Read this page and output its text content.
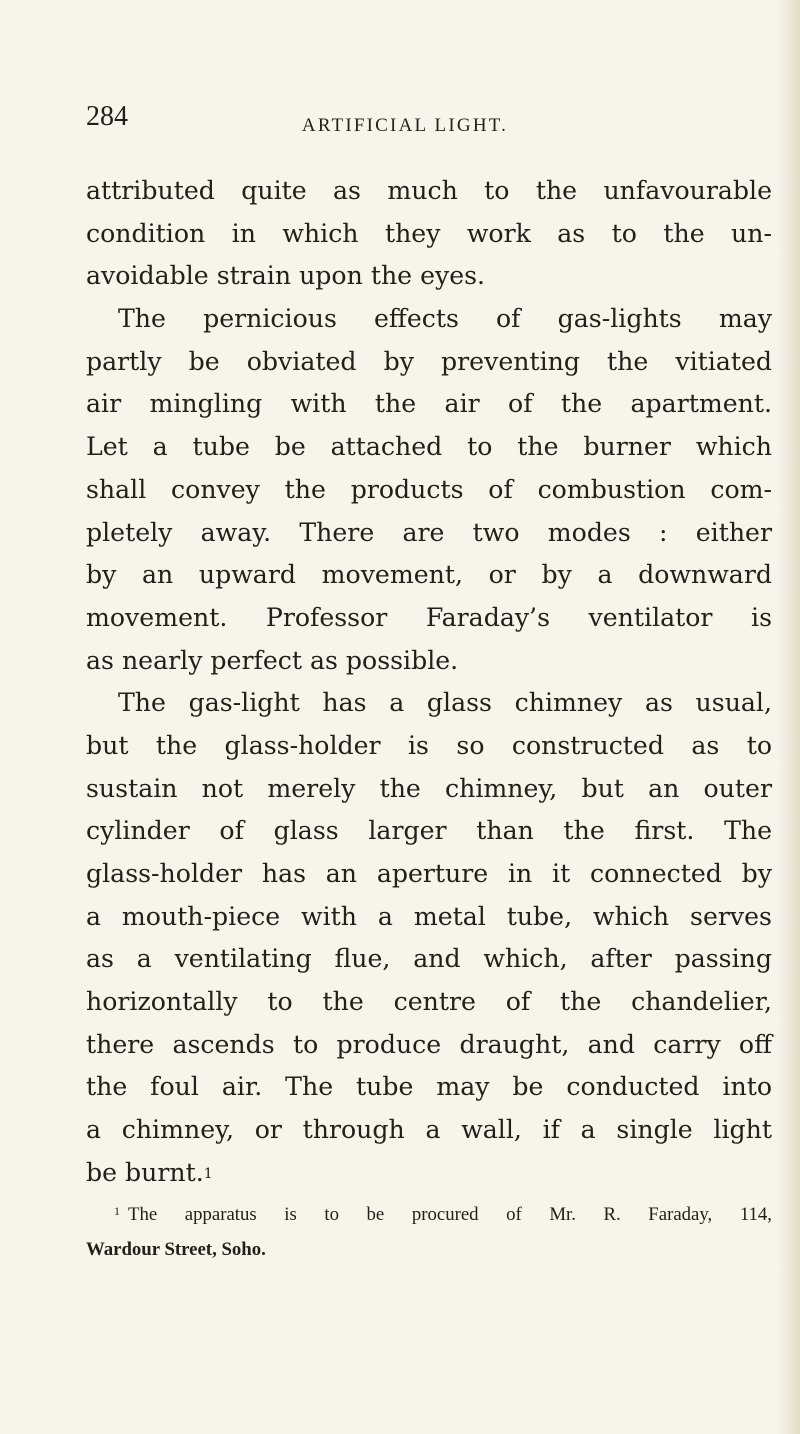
284	ARTIFICIAL LIGHT.
attributed quite as much to the unfavourable
condition in which they work as to the un-
avoidable strain upon the eyes.
The pernicious effects of gas-lights may
partly be obviated by preventing the vitiated
air mingling with the air of the apartment.
Let a tube be attached to the burner which
shall convey the products of combustion com-
pletely away. There are two modes : either
by an upward movement, or by a downward
movement. Professor Faraday’s ventilator is
as nearly perfect as possible.
The gas-light has a glass chimney as usual,
but the glass-holder is so constructed as to
sustain not merely the chimney, but an outer
cylinder of glass larger than the first. The
glass-holder has an aperture in it connected by
a mouth-piece with a metal tube, which serves
as a ventilating flue, and which, after passing
horizontally to the centre of the chandelier,
there ascends to produce draught, and carry off
the foul air. The tube may be conducted into
a chimney, or through a wall, if a single light
be burnt.$^1$
$^1$ The apparatus is to be procured of Mr. R. Faraday, 114,
Wardour Street, Soho.
